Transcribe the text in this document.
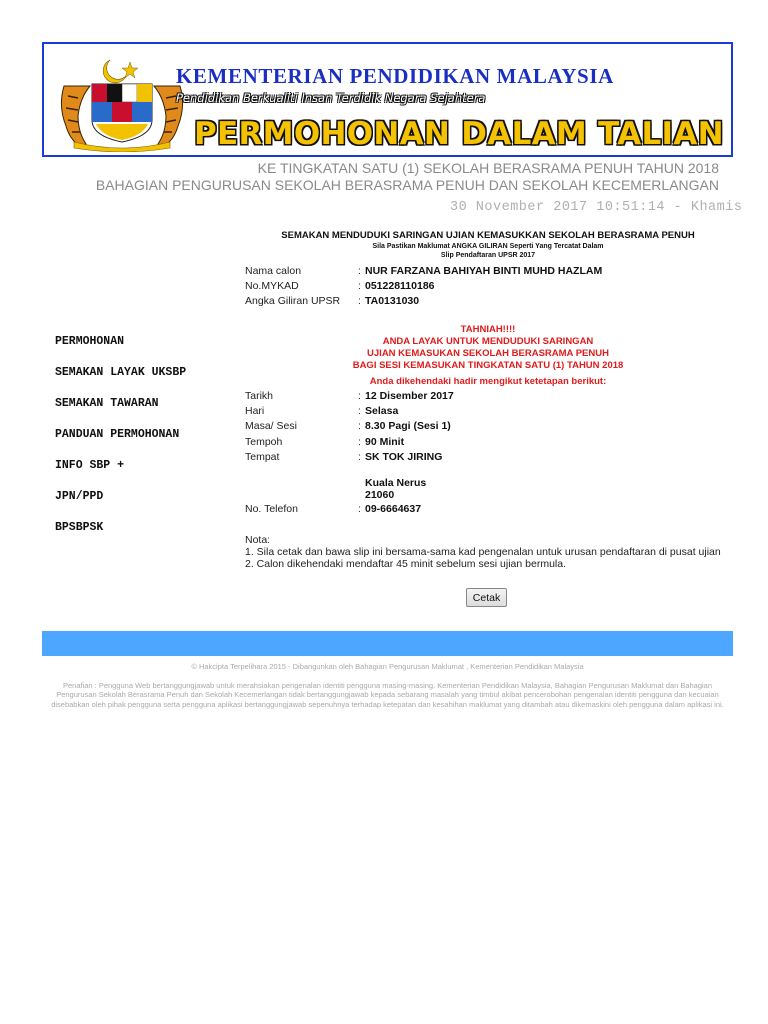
KEMENTERIAN PENDIDIKAN MALAYSIA
Pendidikan Berkualiti Insan Terdidik Negara Sejahtera
PERMOHONAN DALAM TALIAN
KE TINGKATAN SATU (1) SEKOLAH BERASRAMA PENUH TAHUN 2018
BAHAGIAN PENGURUSAN SEKOLAH BERASRAMA PENUH DAN SEKOLAH KECEMERLANGAN
30 November 2017 10:51:14 - Khamis
PERMOHONAN
SEMAKAN LAYAK UKSBP
SEMAKAN TAWARAN
PANDUAN PERMOHONAN
INFO SBP +
JPN/PPD
BPSBPSK
SEMAKAN MENDUDUKI SARINGAN UJIAN KEMASUKKAN SEKOLAH BERASRAMA PENUH
Sila Pastikan Maklumat ANGKA GILIRAN Seperti Yang Tercatat Dalam
Slip Pendaftaran UPSR 2017
Nama calon	: NUR FARZANA BAHIYAH BINTI MUHD HAZLAM
No.MYKAD	: 051228110186
Angka Giliran UPSR : TA0131030
TAHNIAH!!!!
ANDA LAYAK UNTUK MENDUDUKI SARINGAN
UJIAN KEMASUKAN SEKOLAH BERASRAMA PENUH
BAGI SESI KEMASUKAN TINGKATAN SATU (1) TAHUN 2018
Anda dikehendaki hadir mengikut ketetapan berikut:
Tarikh	: 12 Disember 2017
Hari	: Selasa
Masa/ Sesi	: 8.30 Pagi (Sesi 1)
Tempoh	: 90 Minit
Tempat	: SK TOK JIRING
Kuala Nerus
21060
No. Telefon	: 09-6664637
Nota:
1. Sila cetak dan bawa slip ini bersama-sama kad pengenalan untuk urusan pendaftaran di pusat ujian
2. Calon dikehendaki mendaftar 45 minit sebelum sesi ujian bermula.
Cetak
© Hakcipta Terpelihara 2015 - Dibangunkan oleh Bahagian Pengurusan Maklumat , Kementerian Pendidikan Malaysia
Penafian : Pengguna Web bertanggungjawab untuk merahsiakan pengenalan identiti pengguna masing-masing. Kementerian Pendidikan Malaysia, Bahagian Pengurusan Maklumat dan Bahagian
Pengurusan Sekolah Berasrama Penuh dan Sekolah Kecemerlangan tidak bertanggungjawab kepada sebarang masalah yang timbul akibat pencerobohan pengenalan identiti pengguna dan kecuaian
disebabkan oleh pihak pengguna serta pengguna aplikasi bertanggungjawab sepenuhnya terhadap ketepatan dan kesahihan maklumat yang ditambah atau dikemaskini oleh pengguna dalam aplikasi ini.
